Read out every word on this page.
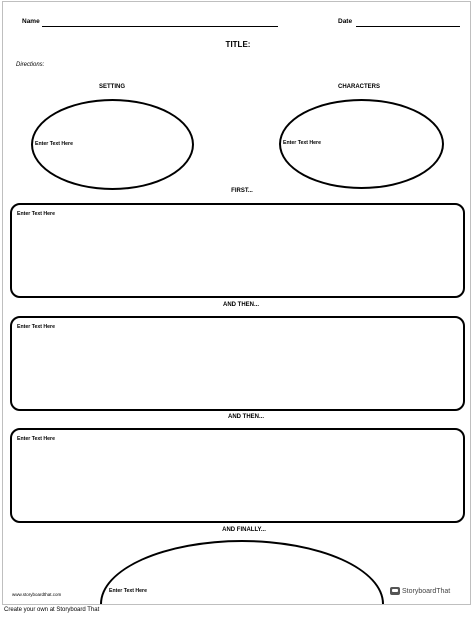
Name	Date
TITLE:
Directions:
SETTING
Enter Text Here
CHARACTERS
Enter Text Here
FIRST...
Enter Text Here
AND THEN...
Enter Text Here
AND THEN...
Enter Text Here
AND FINALLY...
Enter Text Here
www.storyboardthat.com	StoryboardThat
Create your own at Storyboard That
